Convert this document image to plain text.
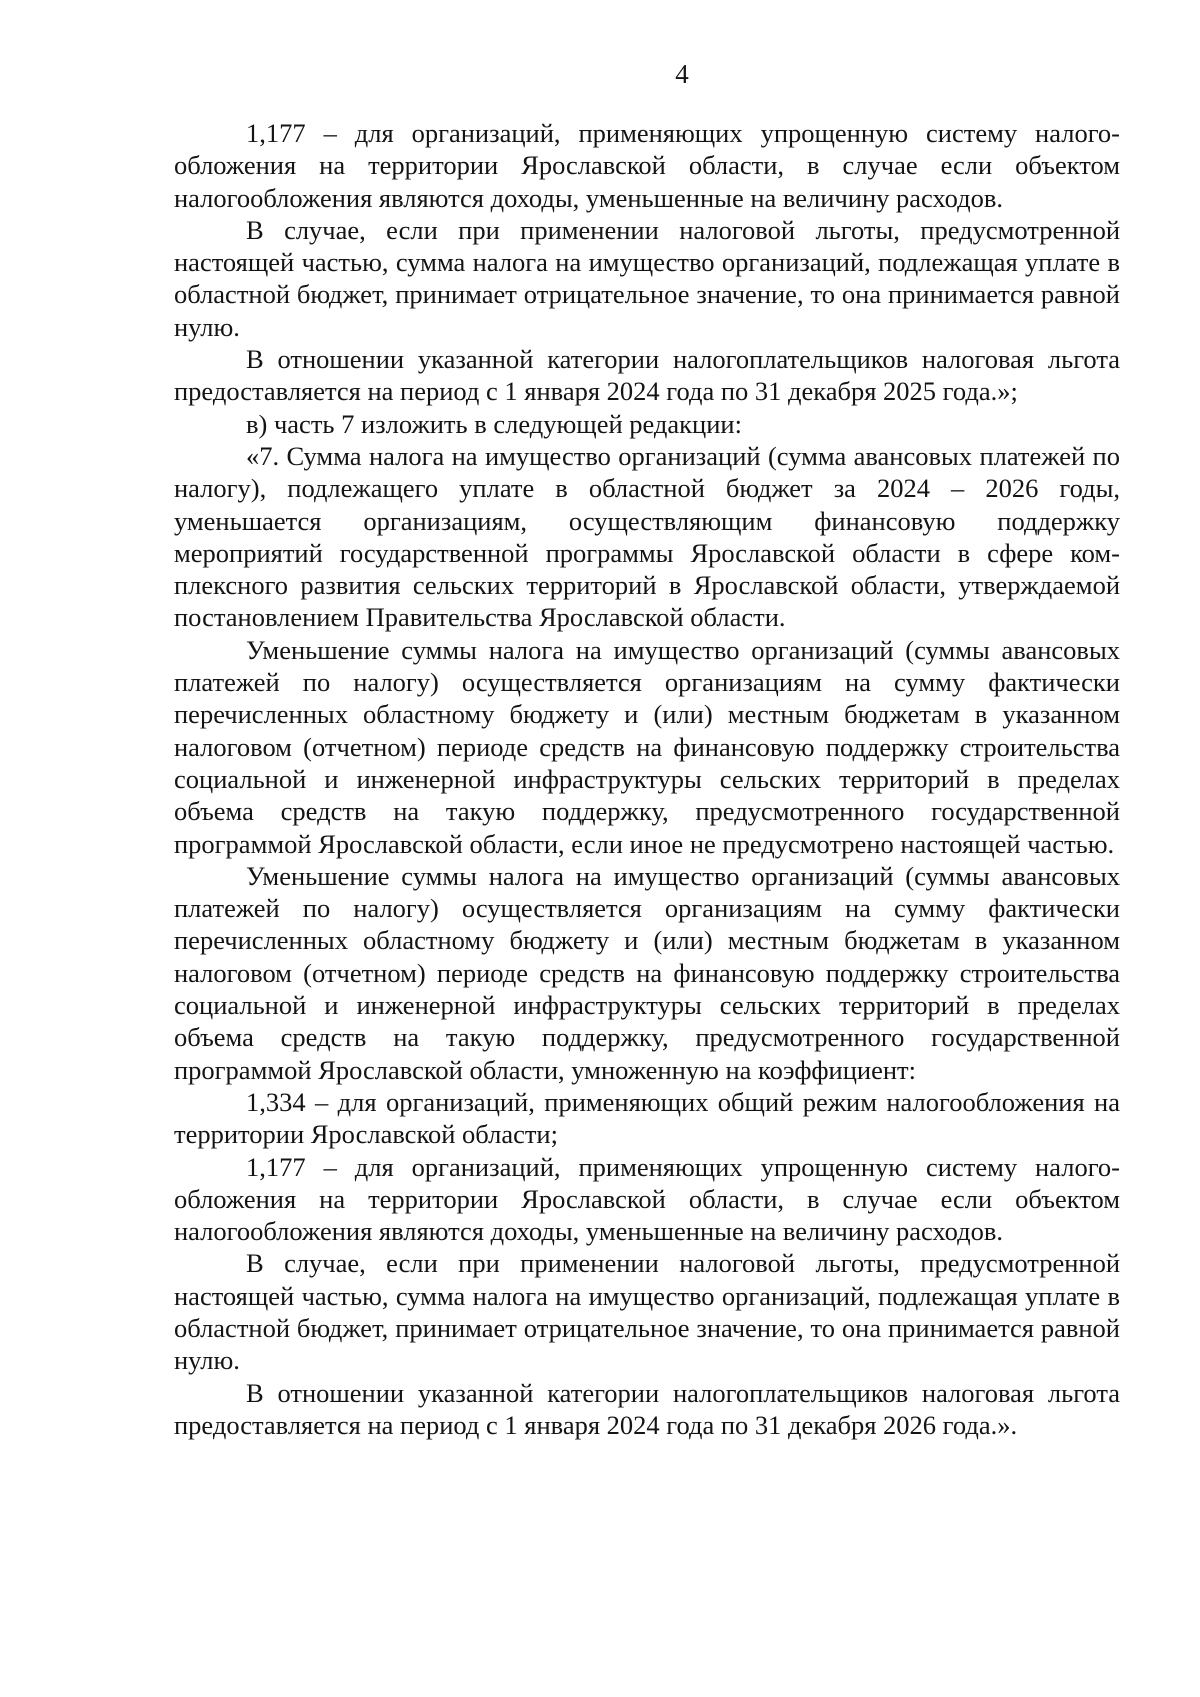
4

1,177 – для организаций, применяющих упрощенную систему налогообложения на территории Ярославской области, в случае если объектом налогообложения являются доходы, уменьшенные на величину расходов.

В случае, если при применении налоговой льготы, предусмотренной настоящей частью, сумма налога на имущество организаций, подлежащая уплате в областной бюджет, принимает отрицательное значение, то она принимается равной нулю.

В отношении указанной категории налогоплательщиков налоговая льгота предоставляется на период с 1 января 2024 года по 31 декабря 2025 года.»;

в) часть 7 изложить в следующей редакции:

«7. Сумма налога на имущество организаций (сумма авансовых платежей по налогу), подлежащего уплате в областной бюджет за 2024 – 2026 годы, уменьшается организациям, осуществляющим финансовую поддержку мероприятий государственной программы Ярославской области в сфере комплексного развития сельских территорий в Ярославской области, утверждаемой постановлением Правительства Ярославской области.

Уменьшение суммы налога на имущество организаций (суммы авансовых платежей по налогу) осуществляется организациям на сумму фактически перечисленных областному бюджету и (или) местным бюджетам в указанном налоговом (отчетном) периоде средств на финансовую поддержку строительства социальной и инженерной инфраструктуры сельских территорий в пределах объема средств на такую поддержку, предусмотренного государственной программой Ярославской области, если иное не предусмотрено настоящей частью.

Уменьшение суммы налога на имущество организаций (суммы авансовых платежей по налогу) осуществляется организациям на сумму фактически перечисленных областному бюджету и (или) местным бюджетам в указанном налоговом (отчетном) периоде средств на финансовую поддержку строительства социальной и инженерной инфраструктуры сельских территорий в пределах объема средств на такую поддержку, предусмотренного государственной программой Ярославской области, умноженную на коэффициент:

1,334 – для организаций, применяющих общий режим налогообложения на территории Ярославской области;

1,177 – для организаций, применяющих упрощенную систему налогообложения на территории Ярославской области, в случае если объектом налогообложения являются доходы, уменьшенные на величину расходов.

В случае, если при применении налоговой льготы, предусмотренной настоящей частью, сумма налога на имущество организаций, подлежащая уплате в областной бюджет, принимает отрицательное значение, то она принимается равной нулю.

В отношении указанной категории налогоплательщиков налоговая льгота предоставляется на период с 1 января 2024 года по 31 декабря 2026 года.».
